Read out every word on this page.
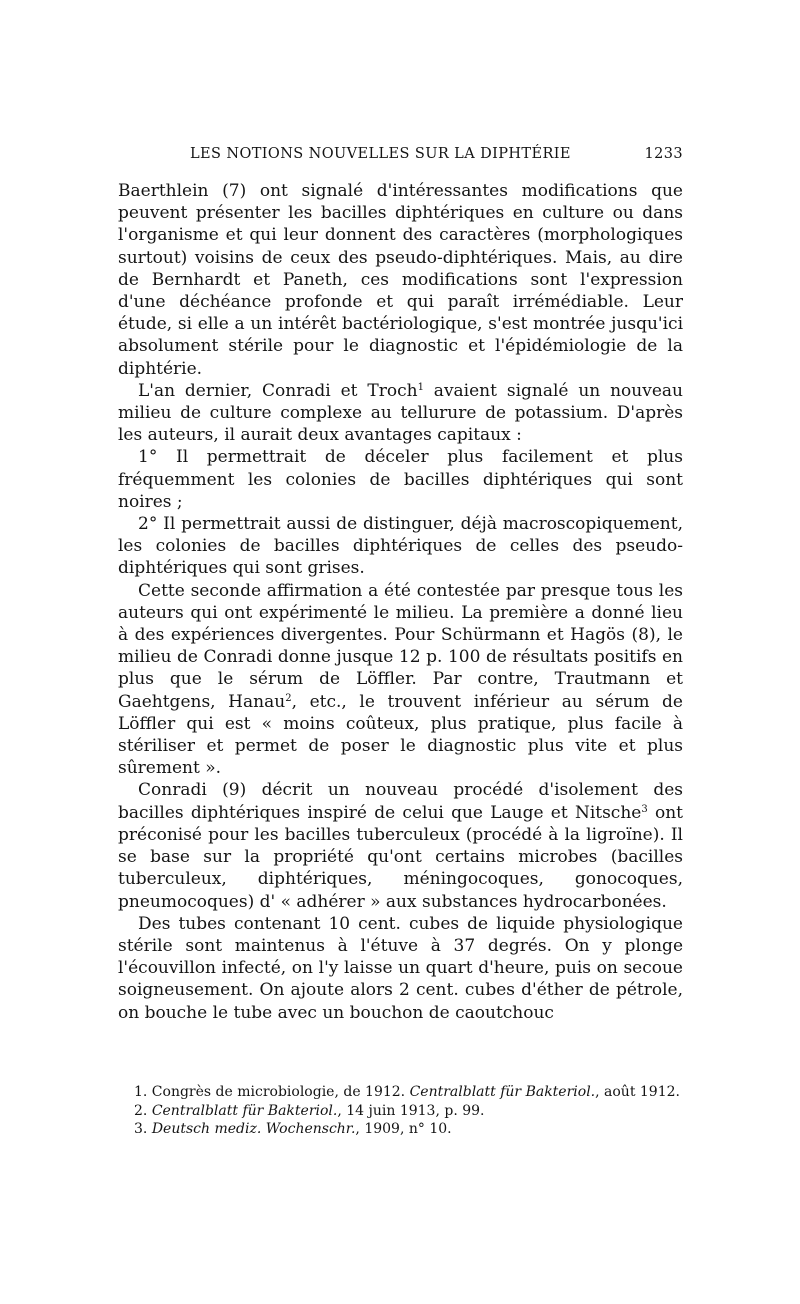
LES NOTIONS NOUVELLES SUR LA DIPHTÉRIE	1233

Baerthlein (7) ont signalé d'intéressantes modifications que peuvent présenter les bacilles diphtériques en culture ou dans l'organisme et qui leur donnent des caractères (morphologiques surtout) voisins de ceux des pseudo-diphtériques. Mais, au dire de Bernhardt et Paneth, ces modifications sont l'expression d'une déchéance profonde et qui paraît irrémédiable. Leur étude, si elle a un intérêt bactériologique, s'est montrée jusqu'ici absolument stérile pour le diagnostic et l'épidémiologie de la diphtérie.

L'an dernier, Conradi et Troch$^1$ avaient signalé un nouveau milieu de culture complexe au tellurure de potassium. D'après les auteurs, il aurait deux avantages capitaux :

1° Il permettrait de déceler plus facilement et plus fréquemment les colonies de bacilles diphtériques qui sont noires ;

2° Il permettrait aussi de distinguer, déjà macroscopiquement, les colonies de bacilles diphtériques de celles des pseudo-diphtériques qui sont grises.

Cette seconde affirmation a été contestée par presque tous les auteurs qui ont expérimenté le milieu. La première a donné lieu à des expériences divergentes. Pour Schürmann et Hagös (8), le milieu de Conradi donne jusque 12 p. 100 de résultats positifs en plus que le sérum de Löffler. Par contre, Trautmann et Gaehtgens, Hanau$^2$, etc., le trouvent inférieur au sérum de Löffler qui est « moins coûteux, plus pratique, plus facile à stériliser et permet de poser le diagnostic plus vite et plus sûrement ».

Conradi (9) décrit un nouveau procédé d'isolement des bacilles diphtériques inspiré de celui que Lauge et Nitsche$^3$ ont préconisé pour les bacilles tuberculeux (procédé à la ligroïne). Il se base sur la propriété qu'ont certains microbes (bacilles tuberculeux, diphtériques, méningocoques, gonocoques, pneumocoques) d' « adhérer » aux substances hydrocarbonées.

Des tubes contenant 10 cent. cubes de liquide physiologique stérile sont maintenus à l'étuve à 37 degrés. On y plonge l'écouvillon infecté, on l'y laisse un quart d'heure, puis on secoue soigneusement. On ajoute alors 2 cent. cubes d'éther de pétrole, on bouche le tube avec un bouchon de caoutchouc

1. Congrès de microbiologie, de 1912. Centralblatt für Bakteriol., août 1912.

2. Centralblatt für Bakteriol., 14 juin 1913, p. 99.

3. Deutsch mediz. Wochenschr., 1909, n° 10.
